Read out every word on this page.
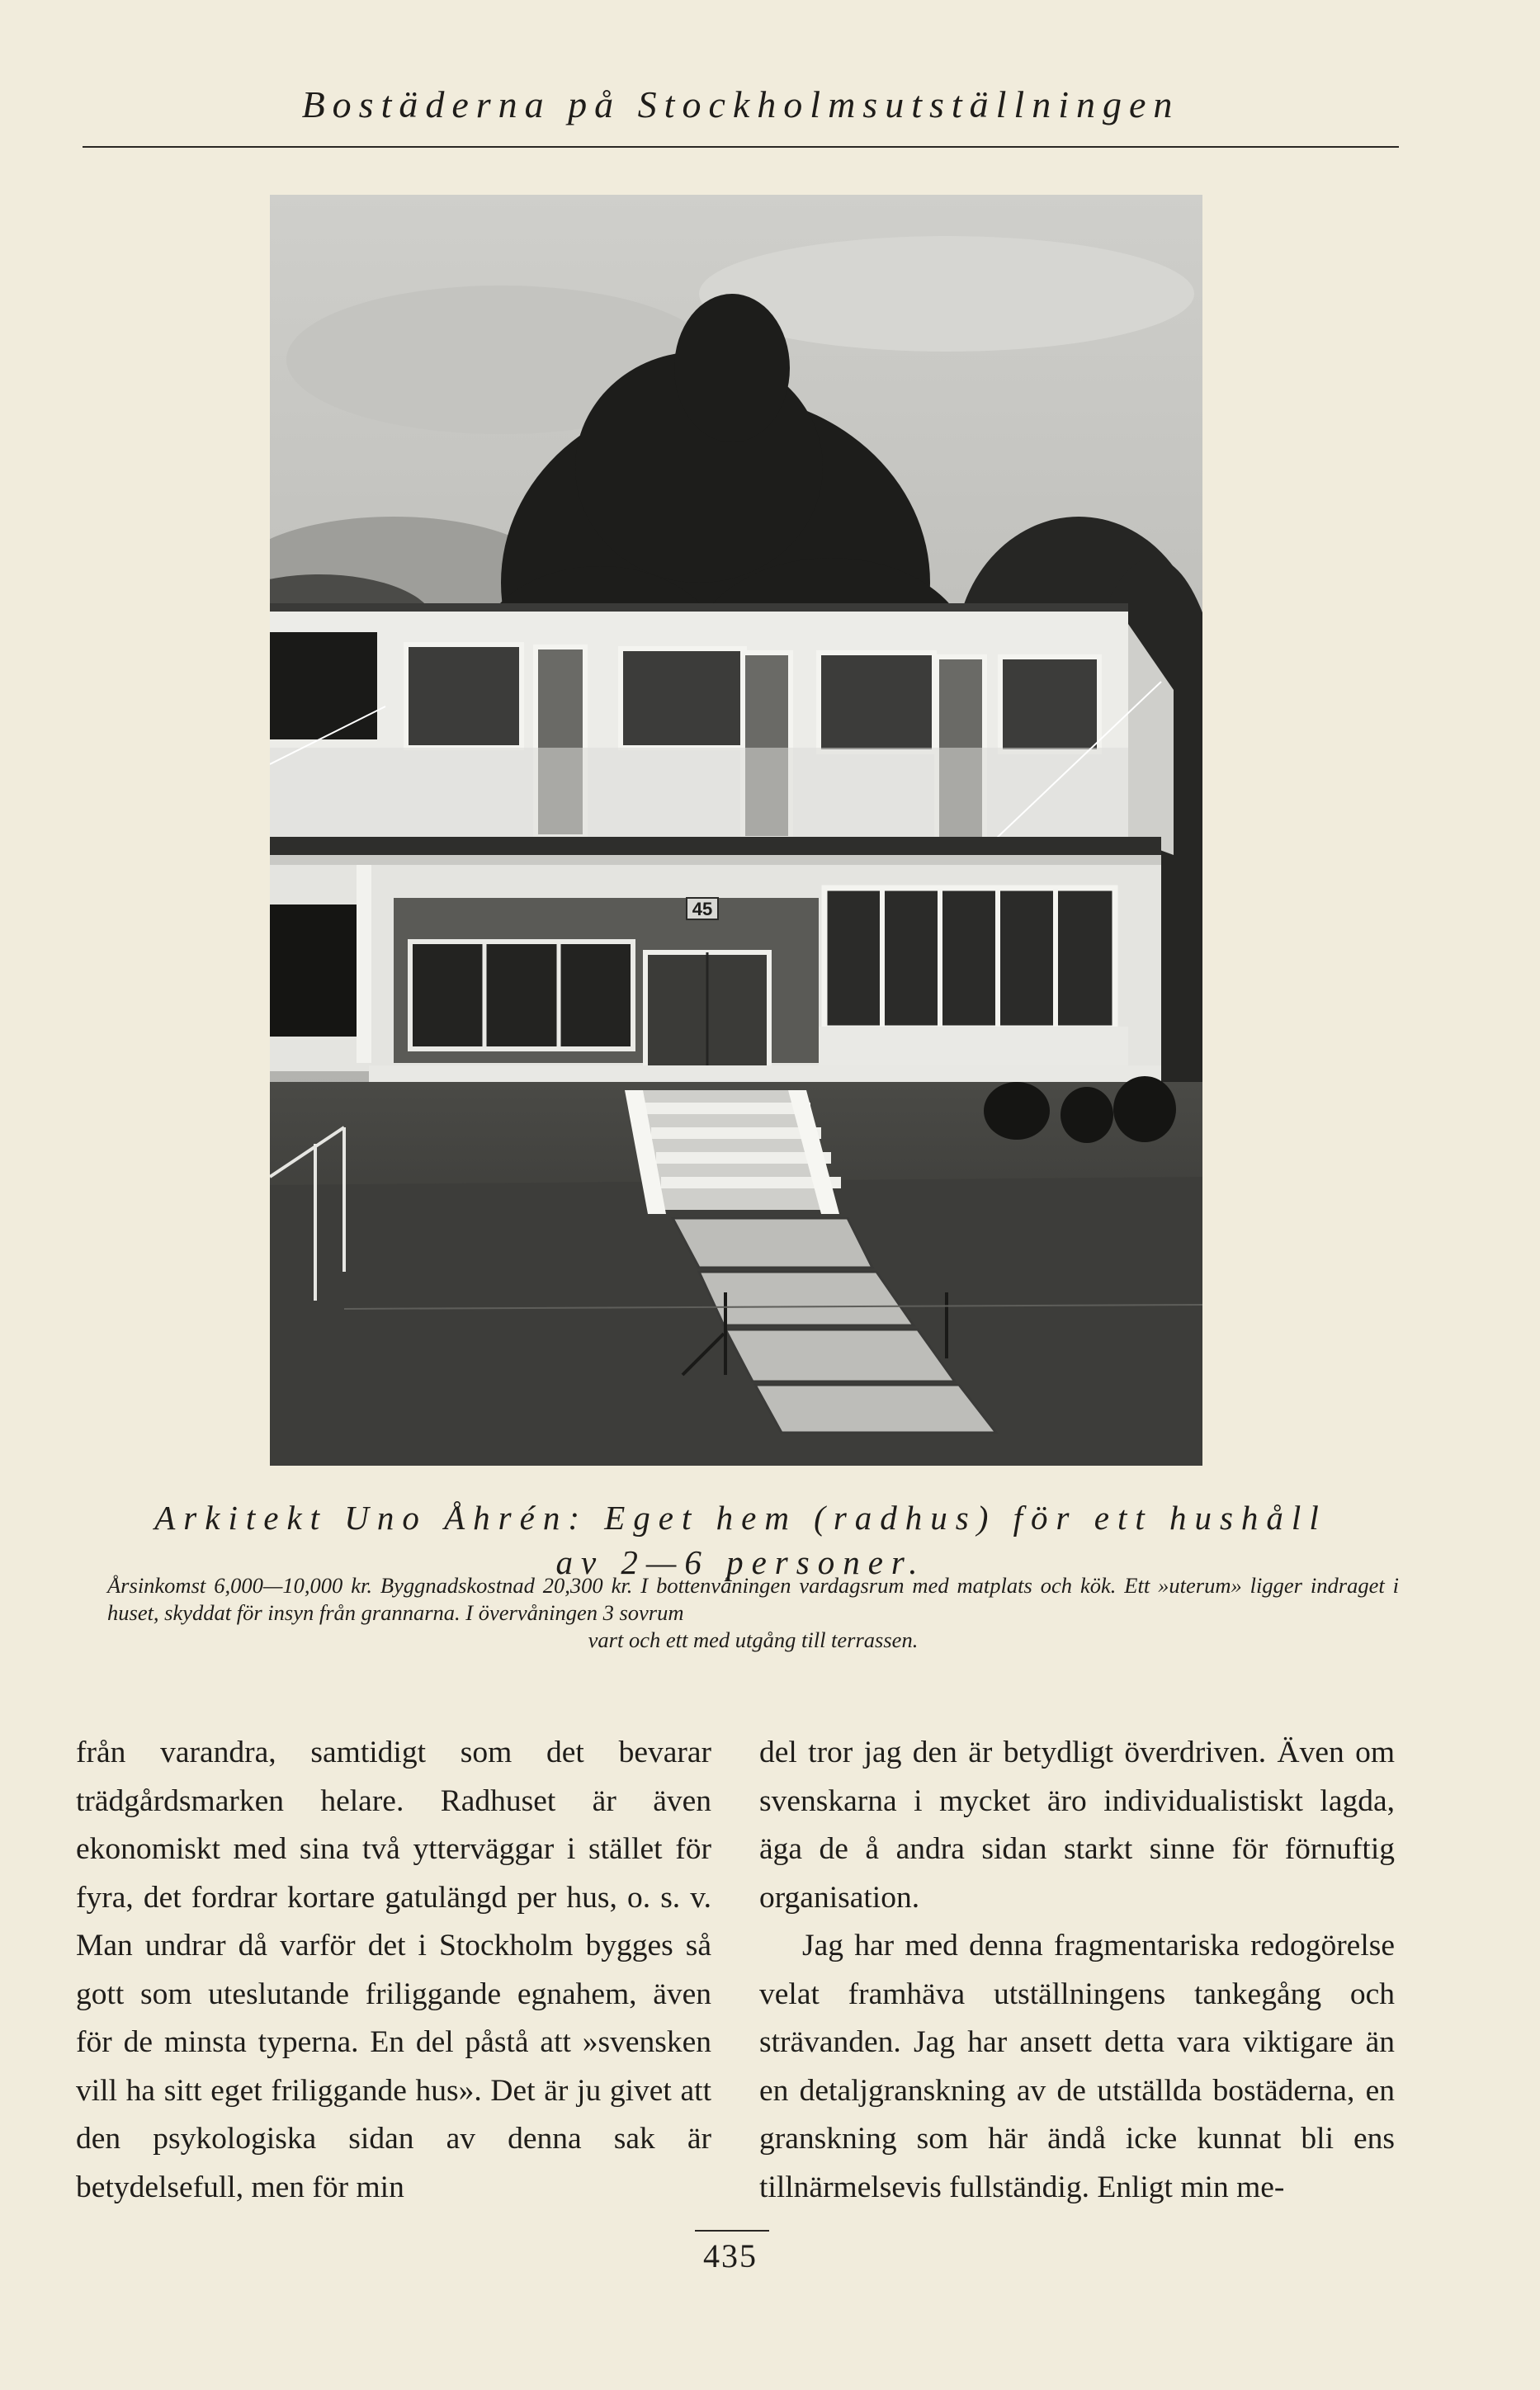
Bostäderna på Stockholmsutställningen
45
Arkitekt Uno Åhrén: Eget hem (radhus) för ett hushåll
av 2—6 personer.
Årsinkomst 6,000—10,000 kr. Byggnadskostnad 20,300 kr. I bottenvåningen vardagsrum med matplats och kök. Ett »uterum» ligger indraget i huset, skyddat för insyn från grannarna. I övervåningen 3 sovrum
vart och ett med utgång till terrassen.

från varandra, samtidigt som det bevarar trädgårdsmarken helare. Radhuset är även ekonomiskt med sina två ytterväggar i stället för fyra, det fordrar kortare gatulängd per hus, o. s. v. Man undrar då varför det i Stockholm bygges så gott som uteslutande friliggande egnahem, även för de minsta typerna. En del påstå att »svensken vill ha sitt eget friliggande hus». Det är ju givet att den psykologiska sidan av denna sak är betydelsefull, men för min

del tror jag den är betydligt överdriven. Även om svenskarna i mycket äro individualistiskt lagda, äga de å andra sidan starkt sinne för förnuftig organisation.

Jag har med denna fragmentariska redogörelse velat framhäva utställningens tankegång och strävanden. Jag har ansett detta vara viktigare än en detaljgranskning av de utställda bostäderna, en granskning som här ändå icke kunnat bli ens tillnärmelsevis fullständig. Enligt min me-

435
